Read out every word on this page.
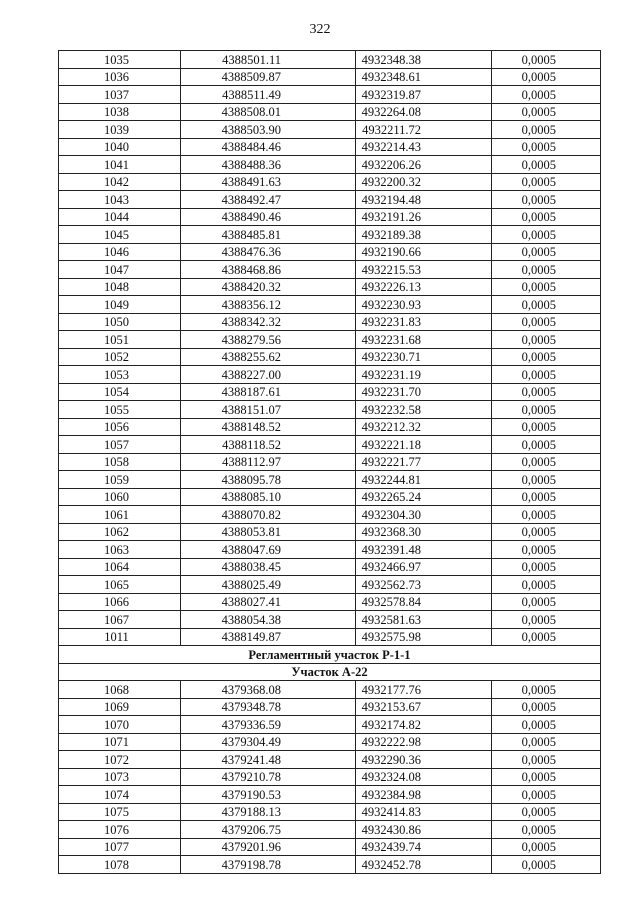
322
1035	4388501.11	4932348.38	0,0005
1036	4388509.87	4932348.61	0,0005
1037	4388511.49	4932319.87	0,0005
1038	4388508.01	4932264.08	0,0005
1039	4388503.90	4932211.72	0,0005
1040	4388484.46	4932214.43	0,0005
1041	4388488.36	4932206.26	0,0005
1042	4388491.63	4932200.32	0,0005
1043	4388492.47	4932194.48	0,0005
1044	4388490.46	4932191.26	0,0005
1045	4388485.81	4932189.38	0,0005
1046	4388476.36	4932190.66	0,0005
1047	4388468.86	4932215.53	0,0005
1048	4388420.32	4932226.13	0,0005
1049	4388356.12	4932230.93	0,0005
1050	4388342.32	4932231.83	0,0005
1051	4388279.56	4932231.68	0,0005
1052	4388255.62	4932230.71	0,0005
1053	4388227.00	4932231.19	0,0005
1054	4388187.61	4932231.70	0,0005
1055	4388151.07	4932232.58	0,0005
1056	4388148.52	4932212.32	0,0005
1057	4388118.52	4932221.18	0,0005
1058	4388112.97	4932221.77	0,0005
1059	4388095.78	4932244.81	0,0005
1060	4388085.10	4932265.24	0,0005
1061	4388070.82	4932304.30	0,0005
1062	4388053.81	4932368.30	0,0005
1063	4388047.69	4932391.48	0,0005
1064	4388038.45	4932466.97	0,0005
1065	4388025.49	4932562.73	0,0005
1066	4388027.41	4932578.84	0,0005
1067	4388054.38	4932581.63	0,0005
1011	4388149.87	4932575.98	0,0005
Регламентный участок Р-1-1			
Участок А-22			
1068	4379368.08	4932177.76	0,0005
1069	4379348.78	4932153.67	0,0005
1070	4379336.59	4932174.82	0,0005
1071	4379304.49	4932222.98	0,0005
1072	4379241.48	4932290.36	0,0005
1073	4379210.78	4932324.08	0,0005
1074	4379190.53	4932384.98	0,0005
1075	4379188.13	4932414.83	0,0005
1076	4379206.75	4932430.86	0,0005
1077	4379201.96	4932439.74	0,0005
1078	4379198.78	4932452.78	0,0005
